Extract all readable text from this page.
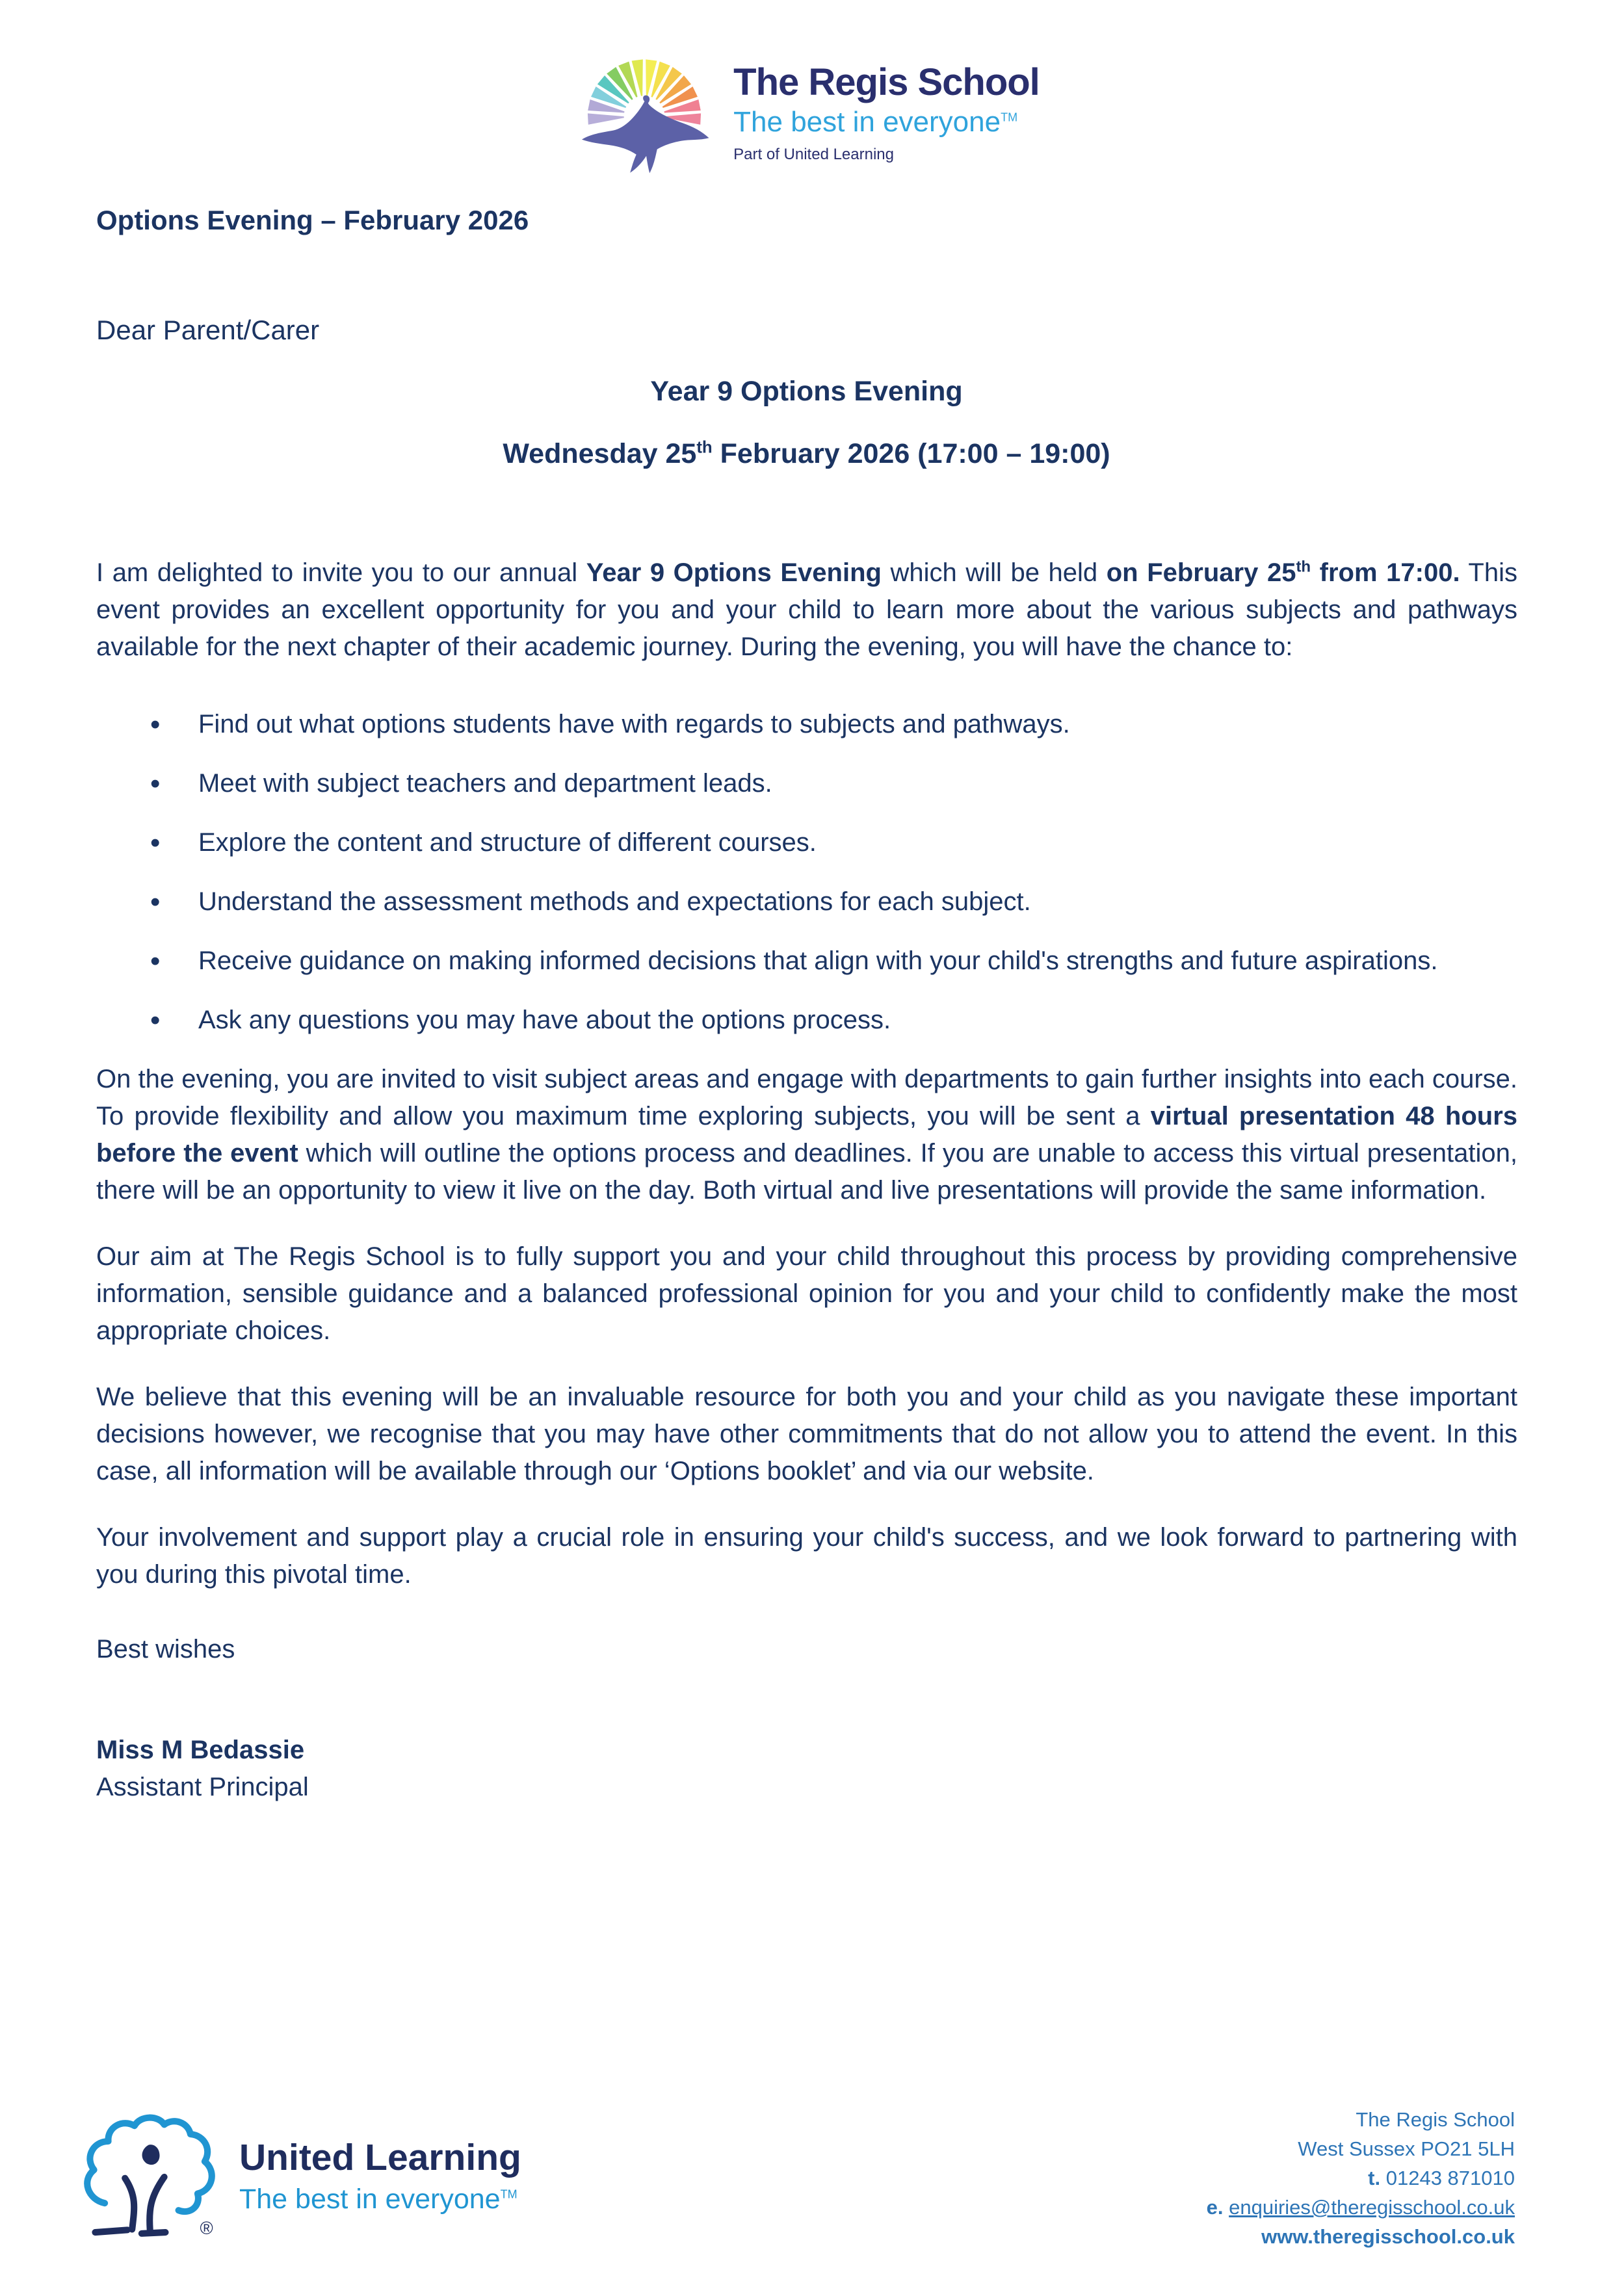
The Regis School
The best in everyone™
Part of United Learning
Options Evening – February 2026
Dear Parent/Carer
Year 9 Options Evening
Wednesday 25th February 2026 (17:00 – 19:00)

I am delighted to invite you to our annual Year 9 Options Evening which will be held on February 25th from 17:00. This event provides an excellent opportunity for you and your child to learn more about the various subjects and pathways available for the next chapter of their academic journey. During the evening, you will have the chance to:

• Find out what options students have with regards to subjects and pathways.
• Meet with subject teachers and department leads.
• Explore the content and structure of different courses.
• Understand the assessment methods and expectations for each subject.
• Receive guidance on making informed decisions that align with your child's strengths and future aspirations.
• Ask any questions you may have about the options process.

On the evening, you are invited to visit subject areas and engage with departments to gain further insights into each course. To provide flexibility and allow you maximum time exploring subjects, you will be sent a virtual presentation 48 hours before the event which will outline the options process and deadlines. If you are unable to access this virtual presentation, there will be an opportunity to view it live on the day. Both virtual and live presentations will provide the same information.

Our aim at The Regis School is to fully support you and your child throughout this process by providing comprehensive information, sensible guidance and a balanced professional opinion for you and your child to confidently make the most appropriate choices.

We believe that this evening will be an invaluable resource for both you and your child as you navigate these important decisions however, we recognise that you may have other commitments that do not allow you to attend the event. In this case, all information will be available through our ‘Options booklet’ and via our website.

Your involvement and support play a crucial role in ensuring your child's success, and we look forward to partnering with you during this pivotal time.

Best wishes

Miss M Bedassie
Assistant Principal
®
United Learning
The best in everyone™
The Regis School
West Sussex PO21 5LH
t. 01243 871010
e. enquiries@theregisschool.co.uk
www.theregisschool.co.uk
